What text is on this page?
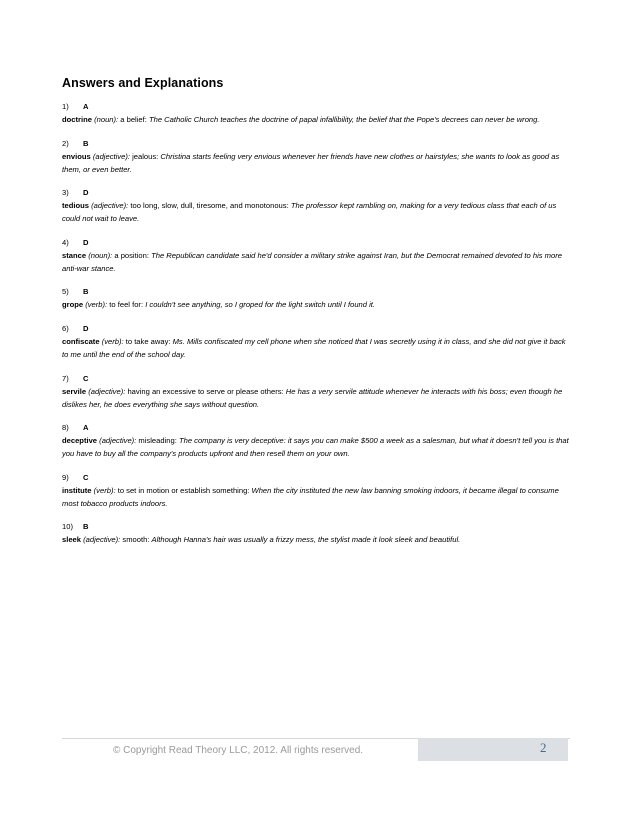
Answers and Explanations
1) A
doctrine (noun): a belief: The Catholic Church teaches the doctrine of papal infallibility, the belief that the Pope's decrees can never be wrong.
2) B
envious (adjective): jealous: Christina starts feeling very envious whenever her friends have new clothes or hairstyles; she wants to look as good as them, or even better.
3) D
tedious (adjective): too long, slow, dull, tiresome, and monotonous: The professor kept rambling on, making for a very tedious class that each of us could not wait to leave.
4) D
stance (noun): a position: The Republican candidate said he'd consider a military strike against Iran, but the Democrat remained devoted to his more anti-war stance.
5) B
grope (verb): to feel for: I couldn't see anything, so I groped for the light switch until I found it.
6) D
confiscate (verb): to take away: Ms. Mills confiscated my cell phone when she noticed that I was secretly using it in class, and she did not give it back to me until the end of the school day.
7) C
servile (adjective): having an excessive to serve or please others: He has a very servile attitude whenever he interacts with his boss; even though he dislikes her, he does everything she says without question.
8) A
deceptive (adjective): misleading: The company is very deceptive: it says you can make $500 a week as a salesman, but what it doesn't tell you is that you have to buy all the company's products upfront and then resell them on your own.
9) C
institute (verb): to set in motion or establish something: When the city instituted the new law banning smoking indoors, it became illegal to consume most tobacco products indoors.
10) B
sleek (adjective): smooth: Although Hanna's hair was usually a frizzy mess, the stylist made it look sleek and beautiful.
© Copyright Read Theory LLC, 2012. All rights reserved.	2
